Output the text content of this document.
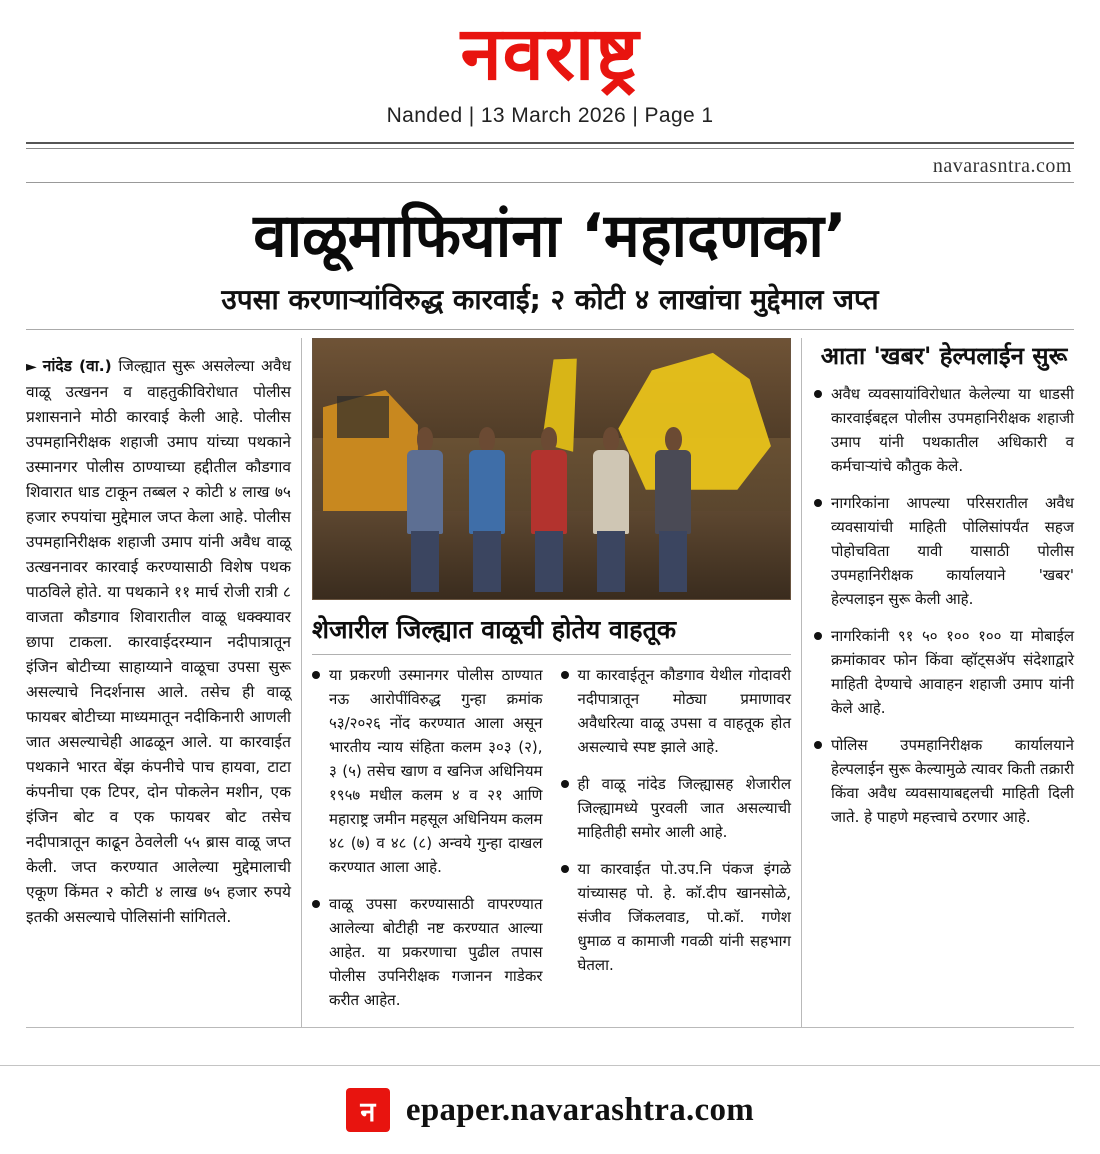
नवराष्ट्र
Nanded | 13 March 2026 | Page 1
navarasntra.com
वाळूमाफियांना ‘महादणका’
उपसा करणाऱ्यांविरुद्ध कारवाई; २ कोटी ४ लाखांचा मुद्देमाल जप्त

► नांदेड (वा.) जिल्ह्यात सुरू असलेल्या अवैध वाळू उत्खनन व वाहतुकीविरोधात पोलीस प्रशासनाने मोठी कारवाई केली आहे. पोलीस उपमहानिरीक्षक शहाजी उमाप यांच्या पथकाने उस्मानगर पोलीस ठाण्याच्या हद्दीतील कौडगाव शिवारात धाड टाकून तब्बल २ कोटी ४ लाख ७५ हजार रुपयांचा मुद्देमाल जप्त केला आहे. पोलीस उपमहानिरीक्षक शहाजी उमाप यांनी अवैध वाळू उत्खननावर कारवाई करण्यासाठी विशेष पथक पाठविले होते. या पथकाने ११ मार्च रोजी रात्री ८ वाजता कौडगाव शिवारातील वाळू धक्क्यावर छापा टाकला. कारवाईदरम्यान नदीपात्रातून इंजिन बोटीच्या साहाय्याने वाळूचा उपसा सुरू असल्याचे निदर्शनास आले. तसेच ही वाळू फायबर बोटीच्या माध्यमातून नदीकिनारी आणली जात असल्याचेही आढळून आले. या कारवाईत पथकाने भारत बेंझ कंपनीचे पाच हायवा, टाटा कंपनीचा एक टिपर, दोन पोकलेन मशीन, एक इंजिन बोट व एक फायबर बोट तसेच नदीपात्रातून काढून ठेवलेली ५५ ब्रास वाळू जप्त केली. जप्त करण्यात आलेल्या मुद्देमालाची एकूण किंमत २ कोटी ४ लाख ७५ हजार रुपये इतकी असल्याचे पोलिसांनी सांगितले.

शेजारील जिल्ह्यात वाळूची होतेय वाहतूक
या प्रकरणी उस्मानगर पोलीस ठाण्यात नऊ आरोपींविरुद्ध गुन्हा क्रमांक ५३/२०२६ नोंद करण्यात आला असून भारतीय न्याय संहिता कलम ३०३ (२), ३ (५) तसेच खाण व खनिज अधिनियम १९५७ मधील कलम ४ व २१ आणि महाराष्ट्र जमीन महसूल अधिनियम कलम ४८ (७) व ४८ (८) अन्वये गुन्हा दाखल करण्यात आला आहे.
वाळू उपसा करण्यासाठी वापरण्यात आलेल्या बोटीही नष्ट करण्यात आल्या आहेत. या प्रकरणाचा पुढील तपास पोलीस उपनिरीक्षक गजानन गाडेकर करीत आहेत.
या कारवाईतून कौडगाव येथील गोदावरी नदीपात्रातून मोठ्या प्रमाणावर अवैधरित्या वाळू उपसा व वाहतूक होत असल्याचे स्पष्ट झाले आहे.
ही वाळू नांदेड जिल्ह्यासह शेजारील जिल्ह्यामध्ये पुरवली जात असल्याची माहितीही समोर आली आहे.
या कारवाईत पो.उप.नि पंकज इंगळे यांच्यासह पो. हे. कॉ.दीप खानसोळे, संजीव जिंकलवाड, पो.कॉ. गणेश धुमाळ व कामाजी गवळी यांनी सहभाग घेतला.
आता 'खबर' हेल्पलाईन सुरू
अवैध व्यवसायांविरोधात केलेल्या या धाडसी कारवाईबद्दल पोलीस उपमहानिरीक्षक शहाजी उमाप यांनी पथकातील अधिकारी व कर्मचाऱ्यांचे कौतुक केले.
नागरिकांना आपल्या परिसरातील अवैध व्यवसायांची माहिती पोलिसांपर्यंत सहज पोहोचविता यावी यासाठी पोलीस उपमहानिरीक्षक कार्यालयाने 'खबर' हेल्पलाइन सुरू केली आहे.
नागरिकांनी ९१ ५० १०० १०० या मोबाईल क्रमांकावर फोन किंवा व्हॉट्सअ‍ॅप संदेशाद्वारे माहिती देण्याचे आवाहन शहाजी उमाप यांनी केले आहे.
पोलिस उपमहानिरीक्षक कार्यालयाने हेल्पलाईन सुरू केल्यामुळे त्यावर किती तक्रारी किंवा अवैध व्यवसायाबद्दलची माहिती दिली जाते. हे पाहणे महत्त्वाचे ठरणार आहे.
न epaper.navarashtra.com
